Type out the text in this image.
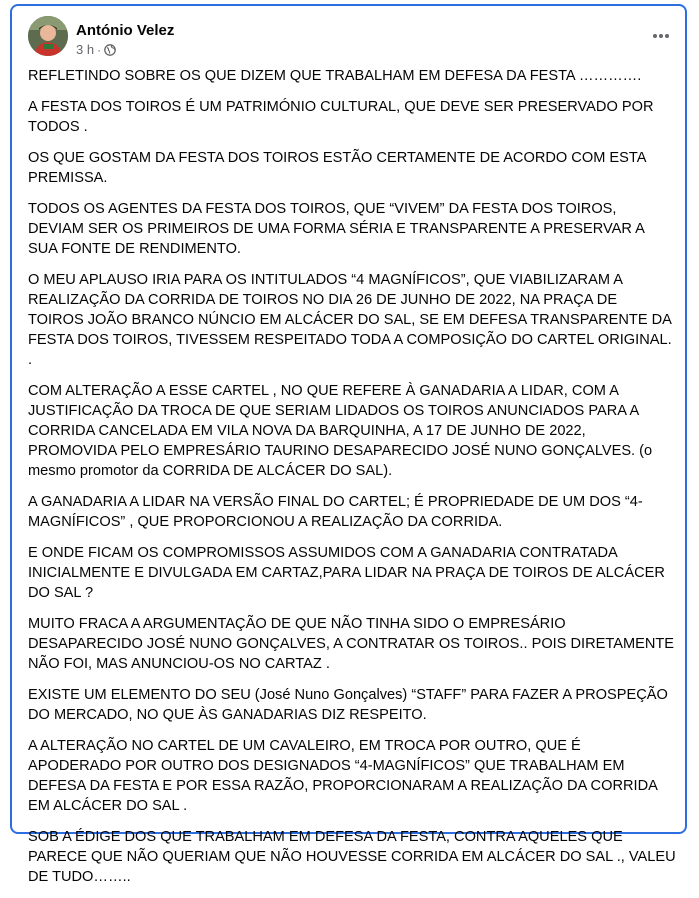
António Velez
3 h ·

REFLETINDO SOBRE OS QUE DIZEM QUE TRABALHAM EM DEFESA DA FESTA ………….

A FESTA DOS TOIROS É UM PATRIMÓNIO CULTURAL, QUE DEVE SER PRESERVADO POR TODOS .

OS QUE GOSTAM DA FESTA DOS TOIROS ESTÃO CERTAMENTE DE ACORDO COM ESTA PREMISSA.

TODOS OS AGENTES DA FESTA DOS TOIROS, QUE “VIVEM” DA FESTA DOS TOIROS, DEVIAM SER OS PRIMEIROS DE UMA FORMA SÉRIA E TRANSPARENTE A PRESERVAR A SUA FONTE DE RENDIMENTO.

O MEU APLAUSO IRIA PARA OS INTITULADOS “4 MAGNÍFICOS”, QUE VIABILIZARAM A REALIZAÇÃO DA CORRIDA DE TOIROS NO DIA 26 DE JUNHO DE 2022, NA PRAÇA DE TOIROS JOÃO BRANCO NÚNCIO EM ALCÁCER DO SAL, SE EM DEFESA TRANSPARENTE DA FESTA DOS TOIROS, TIVESSEM RESPEITADO TODA A COMPOSIÇÃO DO CARTEL ORIGINAL. .

COM ALTERAÇÃO A ESSE CARTEL , NO QUE REFERE À GANADARIA A LIDAR, COM A JUSTIFICAÇÃO DA TROCA DE QUE SERIAM LIDADOS OS TOIROS ANUNCIADOS PARA A CORRIDA CANCELADA EM VILA NOVA DA BARQUINHA, A 17 DE JUNHO DE 2022, PROMOVIDA PELO EMPRESÁRIO TAURINO DESAPARECIDO JOSÉ NUNO GONÇALVES. (o mesmo promotor da CORRIDA DE ALCÁCER DO SAL).

A GANADARIA A LIDAR NA VERSÃO FINAL DO CARTEL; É PROPRIEDADE DE UM DOS “4-MAGNÍFICOS” , QUE PROPORCIONOU A REALIZAÇÃO DA CORRIDA.

E ONDE FICAM OS COMPROMISSOS ASSUMIDOS COM A GANADARIA CONTRATADA INICIALMENTE E DIVULGADA EM CARTAZ,PARA LIDAR NA PRAÇA DE TOIROS DE ALCÁCER DO SAL ?

MUITO FRACA A ARGUMENTAÇÃO DE QUE NÃO TINHA SIDO O EMPRESÁRIO DESAPARECIDO JOSÉ NUNO GONÇALVES, A CONTRATAR OS TOIROS.. POIS DIRETAMENTE NÃO FOI, MAS ANUNCIOU-OS NO CARTAZ .

EXISTE UM ELEMENTO DO SEU (José Nuno Gonçalves) “STAFF” PARA FAZER A PROSPEÇÃO DO MERCADO, NO QUE ÀS GANADARIAS DIZ RESPEITO.

A ALTERAÇÃO NO CARTEL DE UM CAVALEIRO, EM TROCA POR OUTRO, QUE É APODERADO POR OUTRO DOS DESIGNADOS “4-MAGNÍFICOS” QUE TRABALHAM EM DEFESA DA FESTA E POR ESSA RAZÃO, PROPORCIONARAM A REALIZAÇÃO DA CORRIDA EM ALCÁCER DO SAL .

SOB A ÉDIGE DOS QUE TRABALHAM EM DEFESA DA FESTA, CONTRA AQUELES QUE PARECE QUE NÃO QUERIAM QUE NÃO HOUVESSE CORRIDA EM ALCÁCER DO SAL ., VALEU DE TUDO……..
